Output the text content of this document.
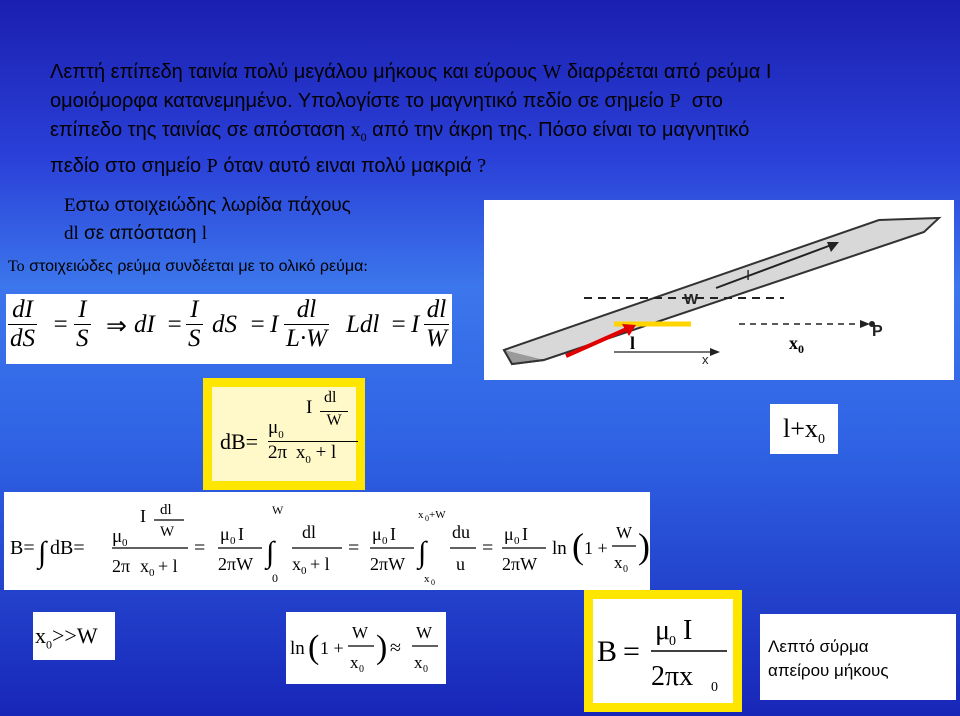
Λεπτή επίπεδη ταινία πολύ μεγάλου μήκους και εύρους W διαρρέεται από ρεύμα I
ομοιόμορφα κατανεμημένο. Υπολογίστε το μαγνητικό πεδίο σε σημείο P  στο
επίπεδο της ταινίας σε απόσταση $x_0$ από την άκρη της. Πόσο είναι το μαγνητικό
πεδίο στο σημείο P όταν αυτό ειναι πολύ μακριά ?
Εστω στοιχειώδης λωρίδα πάχους
dl σε απόσταση l
Το στοιχειώδες ρεύμα συνδέεται με το ολικό ρεύμα:
$\frac{dI}{dS} = \frac{I}{S}$ ⇒ dI = $\frac{I}{S}$ dS = I $\frac{dl}{L\cdot W}$ Ldl = I $\frac{dl}{W}$
I
W
x
P
l	$x_0$
$dB= \mu_0$
I dl
W
2π $x_0 + l$	$l+x_0$
B= ∫ dB=
μ 0
I dl
W
2π x 0 + l
=
μ 0 I
2πW
W
∫
0
dl
x 0 + l
=
μ 0 I
2πW
x 0 +W
∫
x 0
du
u
=
μ 0 I
2πW
ln ( 1 +
W
x 0
)
$x_0>>W$
ln ( 1 +
W
x 0
) ≈
W
x 0
B =
μ
0 I
2πx 0
Λεπτό σύρμα
απείρου μήκους
